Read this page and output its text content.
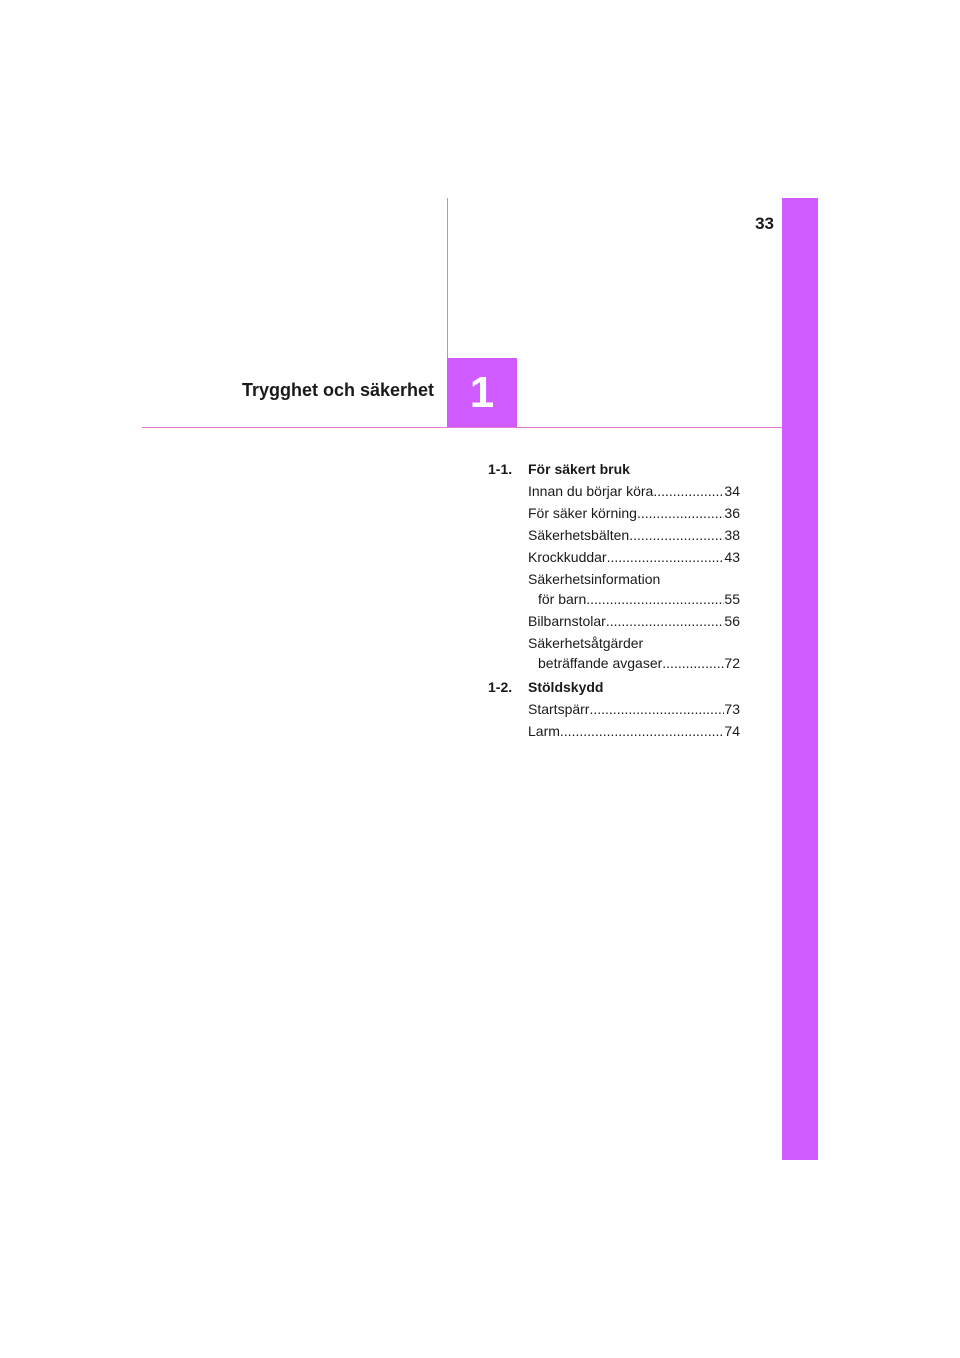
33
Trygghet och säkerhet 1
1-1.	För säkert bruk
Innan du börjar köra .....	34
För säker körning .....	36
Säkerhetsbälten .....	38
Krockkuddar .....	43
Säkerhetsinformation
för barn .....	55
Bilbarnstolar .....	56
Säkerhetsåtgärder
beträffande avgaser .....	72
1-2.	Stöldskydd
Startspärr .....	73
Larm .....	74
